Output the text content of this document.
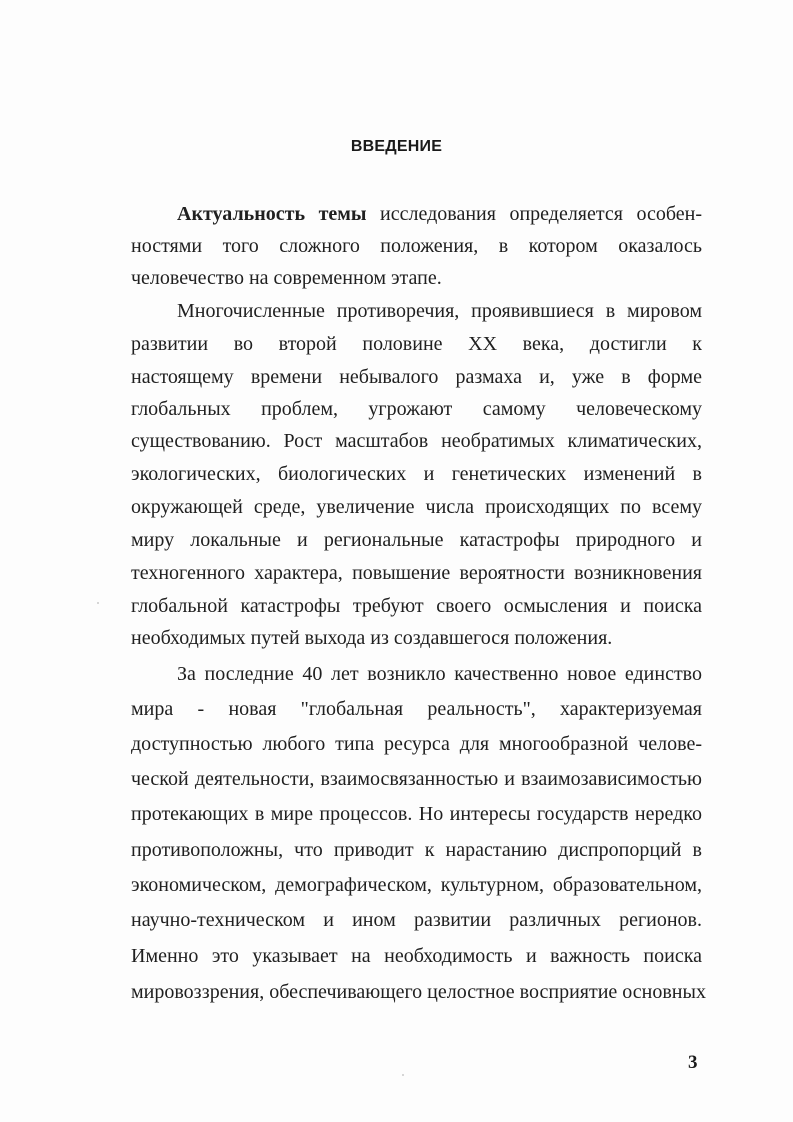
ВВЕДЕНИЕ
Актуальность темы исследования определяется особен-
ностями того сложного положения, в котором оказалось
человечество на современном этапе.
Многочисленные противоречия, проявившиеся в мировом
развитии во второй половине XX века, достигли к
настоящему времени небывалого размаха и, уже в форме
глобальных проблем, угрожают самому человеческому
существованию. Рост масштабов необратимых климатических,
экологических, биологических и генетических изменений в
окружающей среде, увеличение числа происходящих по всему
миру локальные и региональные катастрофы природного и
техногенного характера, повышение вероятности возникновения
глобальной катастрофы требуют своего осмысления и поиска
необходимых путей выхода из создавшегося положения.
За последние 40 лет возникло качественно новое единство
мира - новая "глобальная реальность", характеризуемая
доступностью любого типа ресурса для многообразной челове-
ческой деятельности, взаимосвязанностью и взаимозависимостью
протекающих в мире процессов. Но интересы государств нередко
противоположны, что приводит к нарастанию диспропорций в
экономическом, демографическом, культурном, образовательном,
научно-техническом и ином развитии различных регионов.
Именно это указывает на необходимость и важность поиска
мировоззрения, обеспечивающего целостное восприятие основных
3
